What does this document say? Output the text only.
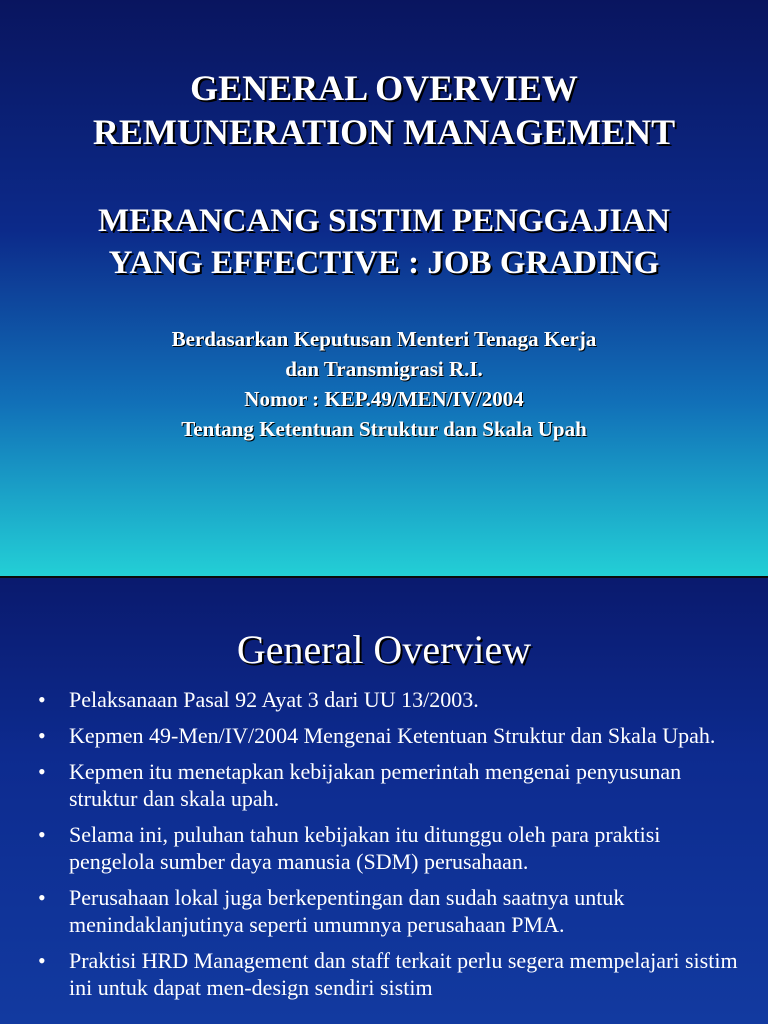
GENERAL OVERVIEW
REMUNERATION MANAGEMENT
MERANCANG SISTIM PENGGAJIAN
YANG EFFECTIVE : JOB GRADING
Berdasarkan Keputusan Menteri Tenaga Kerja
dan Transmigrasi R.I.
Nomor : KEP.49/MEN/IV/2004
Tentang Ketentuan Struktur dan Skala Upah
General Overview
• Pelaksanaan Pasal 92 Ayat 3 dari UU 13/2003.
• Kepmen 49-Men/IV/2004 Mengenai Ketentuan Struktur dan Skala Upah.
• Kepmen itu menetapkan kebijakan pemerintah mengenai penyusunan struktur dan skala upah.
• Selama ini, puluhan tahun kebijakan itu ditunggu oleh para praktisi pengelola sumber daya manusia (SDM) perusahaan.
• Perusahaan lokal juga berkepentingan dan sudah saatnya untuk menindaklanjutinya seperti umumnya perusahaan PMA.
• Praktisi HRD Management dan staff terkait perlu segera mempelajari sistim ini untuk dapat men-design sendiri sistim
